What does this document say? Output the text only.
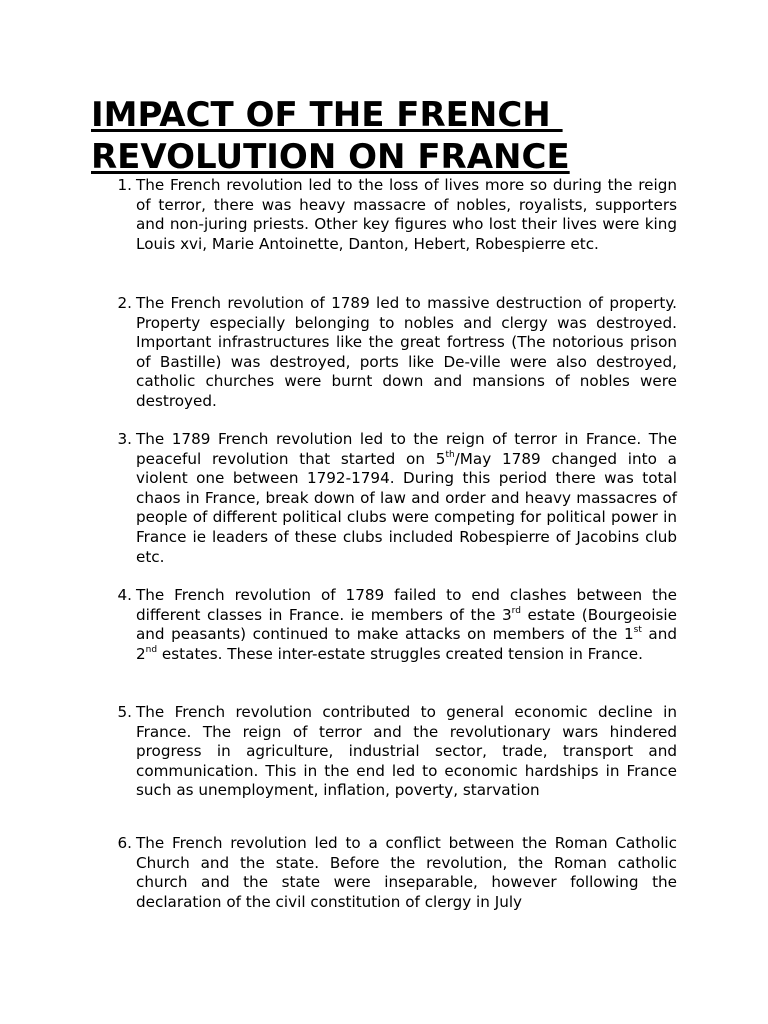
IMPACT OF THE FRENCH
REVOLUTION ON FRANCE
1. The French revolution led to the loss of lives more so during the reign of terror, there was heavy massacre of nobles, royalists, supporters and non-juring priests. Other key figures who lost their lives were king Louis xvi, Marie Antoinette, Danton, Hebert, Robespierre etc.

2. The French revolution of 1789 led to massive destruction of property. Property especially belonging to nobles and clergy was destroyed. Important infrastructures like the great fortress (The notorious prison of Bastille) was destroyed, ports like De-ville were also destroyed, catholic churches were burnt down and mansions of nobles were destroyed.

3. The 1789 French revolution led to the reign of terror in France. The peaceful revolution that started on 5th/May 1789 changed into a violent one between 1792-1794. During this period there was total chaos in France, break down of law and order and heavy massacres of people of different political clubs were competing for political power in France ie leaders of these clubs included Robespierre of Jacobins club etc.

4. The French revolution of 1789 failed to end clashes between the different classes in France. ie members of the 3rd estate (Bourgeoisie and peasants) continued to make attacks on members of the 1st and 2nd estates. These inter-estate struggles created tension in France.

5. The French revolution contributed to general economic decline in France. The reign of terror and the revolutionary wars hindered progress in agriculture, industrial sector, trade, transport and communication. This in the end led to economic hardships in France such as unemployment, inflation, poverty, starvation

6. The French revolution led to a conflict between the Roman Catholic Church and the state. Before the revolution, the Roman catholic church and the state were inseparable, however following the declaration of the civil constitution of clergy in July
